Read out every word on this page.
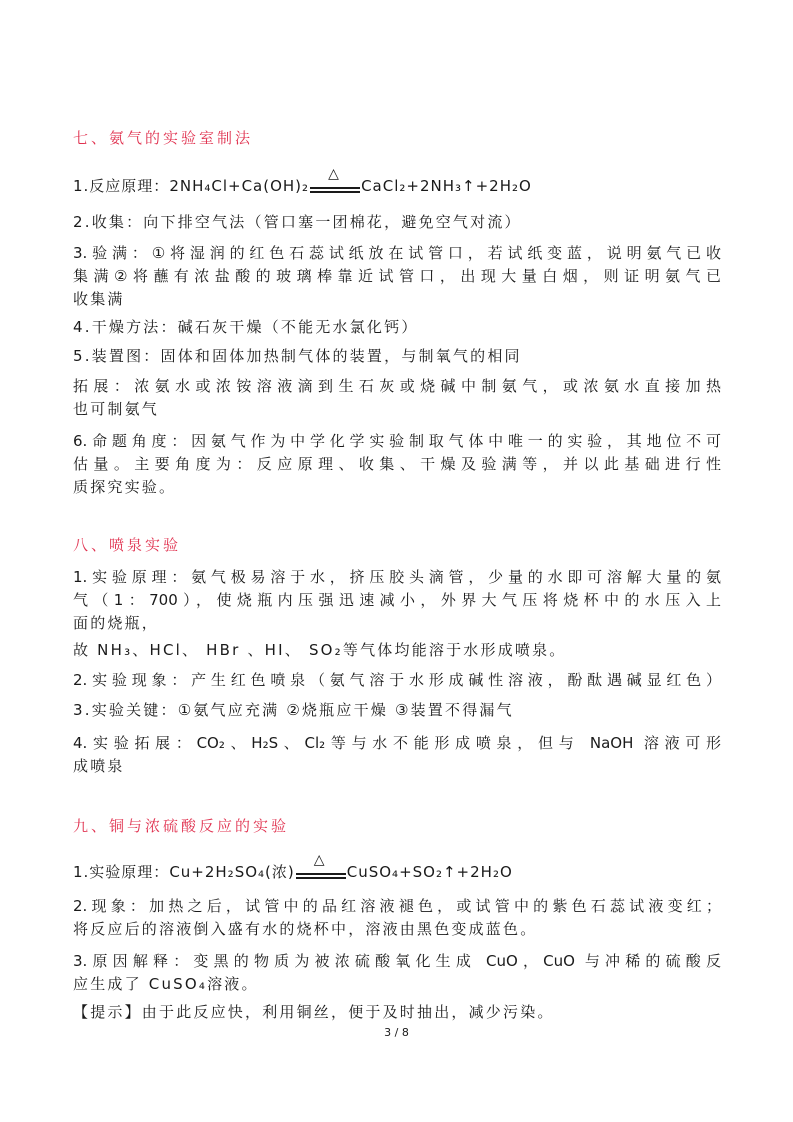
七、氨气的实验室制法
1.反应原理： 2NH₄Cl+Ca(OH)₂
△
CaCl₂+2NH₃↑+2H₂O
2.收集：向下排空气法（管口塞一团棉花，避免空气对流）
3.验满：①将湿润的红色石蕊试纸放在试管口，若试纸变蓝，说明氨气已收
集满②将蘸有浓盐酸的玻璃棒靠近试管口，出现大量白烟，则证明氨气已
收集满
4.干燥方法：碱石灰干燥（不能无水氯化钙）
5.装置图：固体和固体加热制气体的装置，与制氧气的相同
拓展：浓氨水或浓铵溶液滴到生石灰或烧碱中制氨气，或浓氨水直接加热
也可制氨气
6.命题角度：因氨气作为中学化学实验制取气体中唯一的实验，其地位不可
估量。主要角度为：反应原理、收集、干燥及验满等，并以此基础进行性
质探究实验。
八、喷泉实验
1.实验原理：氨气极易溶于水，挤压胶头滴管，少量的水即可溶解大量的氨
气（1：700），使烧瓶内压强迅速减小，外界大气压将烧杯中的水压入上
面的烧瓶，
故 NH₃、HCl、 HBr 、HI、 SO₂等气体均能溶于水形成喷泉。
2.实验现象：产生红色喷泉（氨气溶于水形成碱性溶液，酚酞遇碱显红色）
3.实验关键：①氨气应充满 ②烧瓶应干燥 ③装置不得漏气
4.实验拓展：CO₂、H₂S、Cl₂等与水不能形成喷泉，但与 NaOH 溶液可形
成喷泉
九、铜与浓硫酸反应的实验
1.实验原理： Cu+2H₂SO₄(浓)
△
CuSO₄+SO₂↑+2H₂O
2.现象：加热之后，试管中的品红溶液褪色，或试管中的紫色石蕊试液变红；
将反应后的溶液倒入盛有水的烧杯中，溶液由黑色变成蓝色。
3.原因解释：变黑的物质为被浓硫酸氧化生成 CuO，CuO 与冲稀的硫酸反
应生成了 CuSO₄溶液。
【提示】由于此反应快，利用铜丝，便于及时抽出，减少污染。
3 / 8
